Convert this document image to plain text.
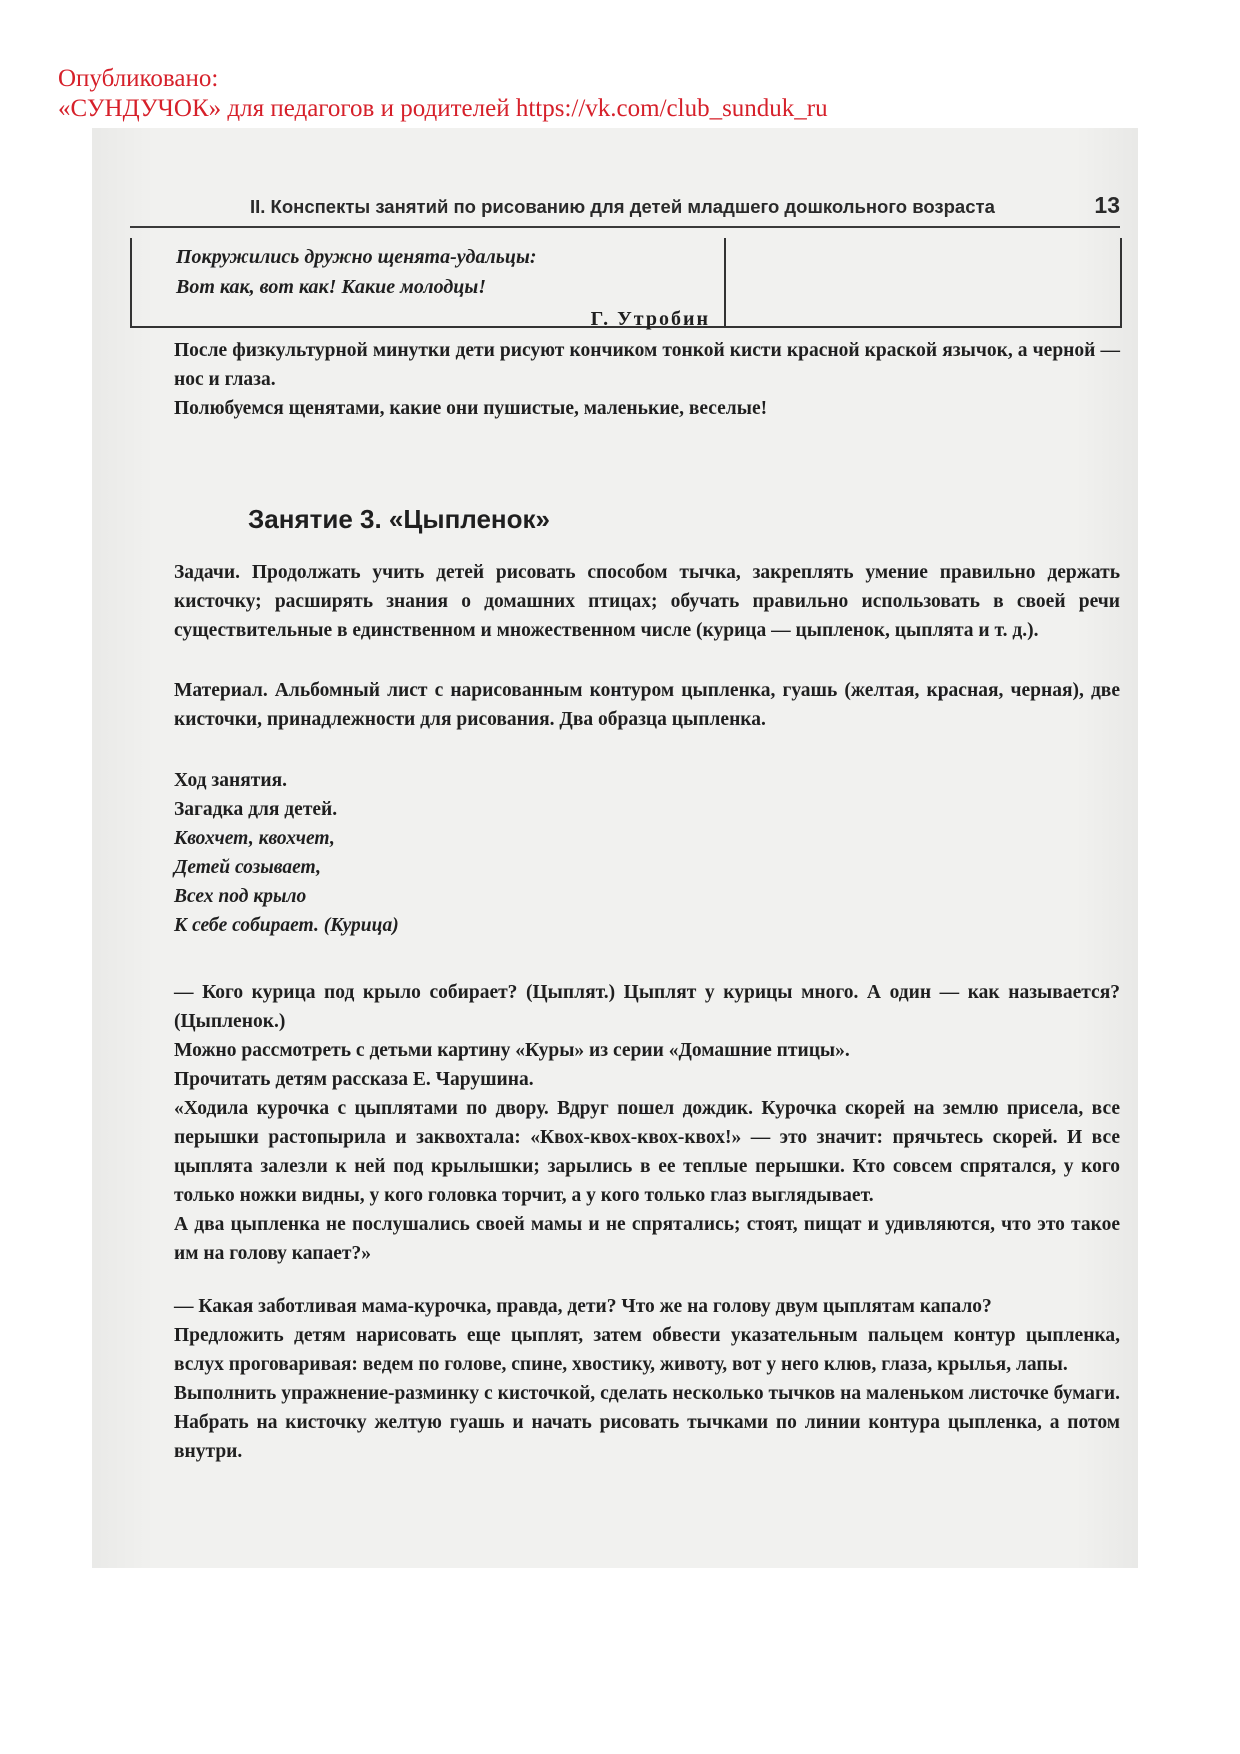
Опубликовано:
«СУНДУЧОК» для педагогов и родителей https://vk.com/club_sunduk_ru
II. Конспекты занятий по рисованию для детей младшего дошкольного возраста	13
Покружились дружно щенята-удальцы:
Вот как, вот как! Какие молодцы!
Г. Утробин

После физкультурной минутки дети рисуют кончиком тонкой кисти красной краской язычок, а черной — нос и глаза.

Полюбуемся щенятами, какие они пушистые, маленькие, веселые!

Занятие 3. «Цыпленок»

Задачи. Продолжать учить детей рисовать способом тычка, закреплять умение правильно держать кисточку; расширять знания о домашних птицах; обучать правильно использовать в своей речи существительные в единственном и множественном числе (курица — цыпленок, цыплята и т. д.).

Материал. Альбомный лист с нарисованным контуром цыпленка, гуашь (желтая, красная, черная), две кисточки, принадлежности для рисования. Два образца цыпленка.

Ход занятия.
Загадка для детей.
Квохчет, квохчет,
Детей созывает,
Всех под крыло
К себе собирает. (Курица)

— Кого курица под крыло собирает? (Цыплят.) Цыплят у курицы много. А один — как называется? (Цыпленок.)

Можно рассмотреть с детьми картину «Куры» из серии «Домашние птицы».

Прочитать детям рассказа Е. Чарушина.

«Ходила курочка с цыплятами по двору. Вдруг пошел дождик. Курочка скорей на землю присела, все перышки растопырила и заквохтала: «Квох-квох-квох-квох!» — это значит: прячьтесь скорей. И все цыплята залезли к ней под крылышки; зарылись в ее теплые перышки. Кто совсем спрятался, у кого только ножки видны, у кого головка торчит, а у кого только глаз выглядывает.

А два цыпленка не послушались своей мамы и не спрятались; стоят, пищат и удивляются, что это такое им на голову капает?»

— Какая заботливая мама-курочка, правда, дети? Что же на голову двум цыплятам капало?

Предложить детям нарисовать еще цыплят, затем обвести указательным пальцем контур цыпленка, вслух проговаривая: ведем по голове, спине, хвостику, животу, вот у него клюв, глаза, крылья, лапы.

Выполнить упражнение-разминку с кисточкой, сделать несколько тычков на маленьком листочке бумаги. Набрать на кисточку желтую гуашь и начать рисовать тычками по линии контура цыпленка, а потом внутри.
